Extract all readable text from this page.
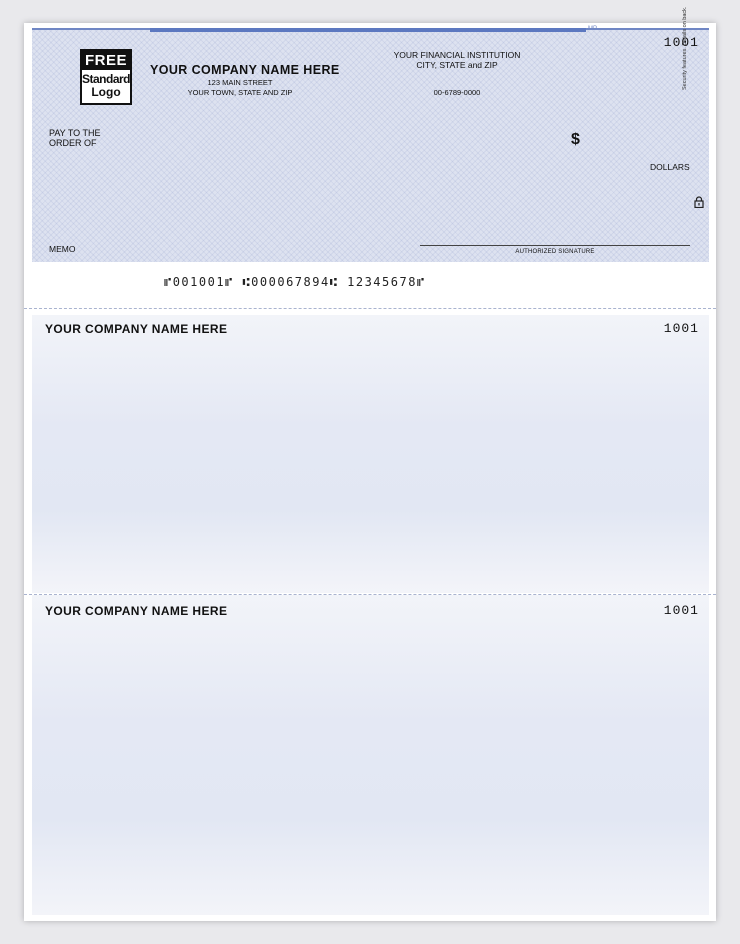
MP
FREE
Standard
Logo
YOUR COMPANY NAME HERE
123 MAIN STREET
YOUR TOWN, STATE AND ZIP
YOUR FINANCIAL INSTITUTION
CITY, STATE and ZIP
00-6789-0000
1001
PAY TO THE
ORDER OF	$
DOLLARS
Security features. Details on back.
MEMO	AUTHORIZED SIGNATURE
⑈001001⑈ ⑆000067894⑆ 12345678⑈
YOUR COMPANY NAME HERE	1001
YOUR COMPANY NAME HERE	1001
